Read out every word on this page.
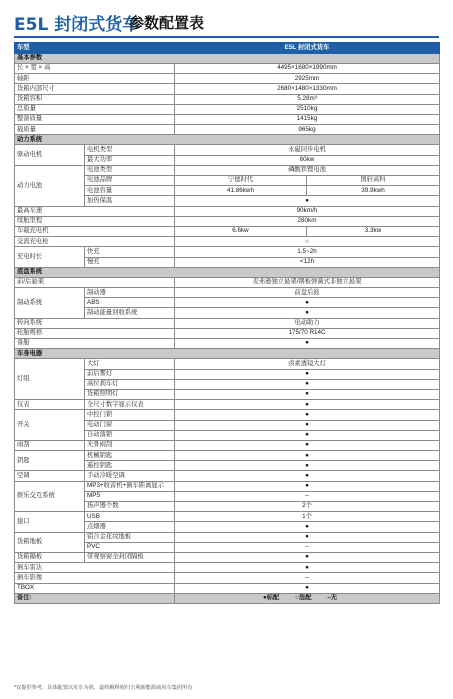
E5L 封闭式货车
参数配置表
车型		E5L 封闭式货车	
基本参数			
长 × 宽 × 高		4495×1680×1990mm	
轴距		2925mm	
货箱内部尺寸		2680×1480×1330mm	
货箱容积		5.28m³	
总质量		2510kg	
整备质量		1415kg	
载质量		965kg	
动力系统			
驱动电机	电机类型	永磁同步电机	
	最大功率	60kw	
动力电池	电池类型	磷酸铁锂电池	
	电池品牌	宁德时代	国轩高科
	电池容量	41.86kwh	39.9kwh
	加热保温	●	
最高车速		90km/h	
续航里程		280km	
车载充电机		6.6kw	3.3kw
交流充电枪		○	
充电时长	快充	1.5~2h	
	慢充	<12h	
底盘系统			
前/后悬架		麦弗逊独立悬架/钢板弹簧式非独立悬架	
制动系统	制动器	前盘后鼓	
	ABS	●	
	制动能量回收系统	●	
转向系统		电动助力	
轮胎规格		175/70 R14C	
备胎		●	
车身电器			
灯组	大灯	卤素透镜大灯	
	前后雾灯	●	
	高位刹车灯	●	
	货箱照明灯	●	
仪表	全尺寸数字显示仪表	●	
开关	中控门锁	●	
	电动门窗	●	
	自动落锁	●	
雨刮	无骨雨刮	●	
钥匙	机械钥匙	●	
	遥控钥匙	●	
空调	手动冷暖空调	●	
娱乐交互系统	MP3+收音机+倒车距离显示	●	
	MP5	–	
	扬声器个数	2个	
接口	USB	1个	
	点烟器	●	
货箱地板	铝合金花纹地板	●	
	PVC	–	
货箱隔板	带观察窗全封闭隔板	●	
倒车雷达		●	
倒车影像		–	
TBOX		●	
备注:		●标配 ○选配 –无	
*仅提供参考，具体配置以实车为准，最终解释权归吉利新能源商用车集团所有
